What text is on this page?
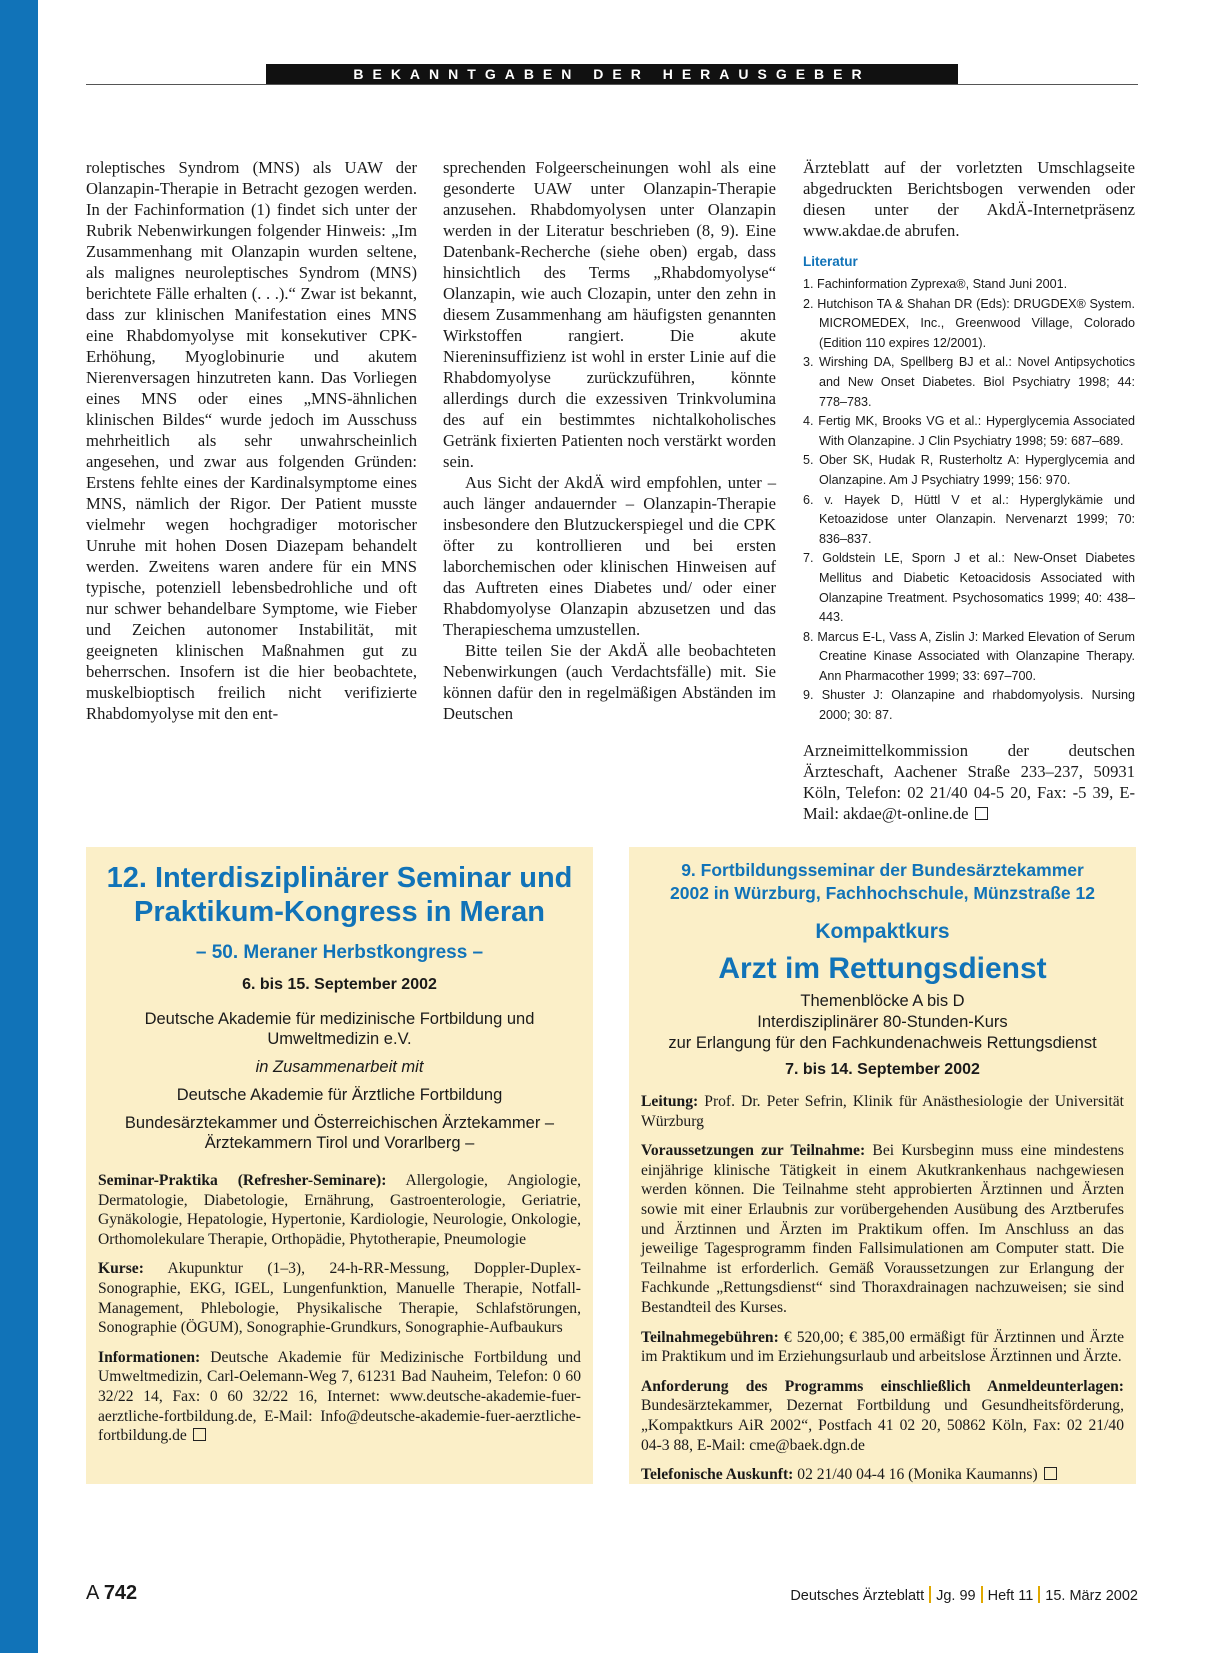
BEKANNTGABEN DER HERAUSGEBER

roleptisches Syndrom (MNS) als UAW der Olanzapin-Therapie in Betracht gezogen werden. In der Fachinformation (1) findet sich unter der Rubrik Nebenwirkungen folgender Hinweis: „Im Zusammenhang mit Olanzapin wurden seltene, als malignes neuroleptisches Syndrom (MNS) berichtete Fälle erhalten (. . .).“ Zwar ist bekannt, dass zur klinischen Manifestation eines MNS eine Rhabdomyolyse mit konsekutiver CPK-Erhöhung, Myoglobinurie und akutem Nierenversagen hinzutreten kann. Das Vorliegen eines MNS oder eines „MNS-ähnlichen klinischen Bildes“ wurde jedoch im Ausschuss mehrheitlich als sehr unwahrscheinlich angesehen, und zwar aus folgenden Gründen: Erstens fehlte eines der Kardinalsymptome eines MNS, nämlich der Rigor. Der Patient musste vielmehr wegen hochgradiger motorischer Unruhe mit hohen Dosen Diazepam behandelt werden. Zweitens waren andere für ein MNS typische, potenziell lebensbedrohliche und oft nur schwer behandelbare Symptome, wie Fieber und Zeichen autonomer Instabilität, mit geeigneten klinischen Maßnahmen gut zu beherrschen. Insofern ist die hier beobachtete, muskelbioptisch freilich nicht verifizierte Rhabdomyolyse mit den ent-

sprechenden Folgeerscheinungen wohl als eine gesonderte UAW unter Olanzapin-Therapie anzusehen. Rhabdomyolysen unter Olanzapin werden in der Literatur beschrieben (8, 9). Eine Datenbank-Recherche (siehe oben) ergab, dass hinsichtlich des Terms „Rhabdomyolyse“ Olanzapin, wie auch Clozapin, unter den zehn in diesem Zusammenhang am häufigsten genannten Wirkstoffen rangiert. Die akute Niereninsuffizienz ist wohl in erster Linie auf die Rhabdomyolyse zurückzuführen, könnte allerdings durch die exzessiven Trinkvolumina des auf ein bestimmtes nichtalkoholisches Getränk fixierten Patienten noch verstärkt worden sein.

Aus Sicht der AkdÄ wird empfohlen, unter – auch länger andauernder – Olanzapin-Therapie insbesondere den Blutzuckerspiegel und die CPK öfter zu kontrollieren und bei ersten laborchemischen oder klinischen Hinweisen auf das Auftreten eines Diabetes und/ oder einer Rhabdomyolyse Olanzapin abzusetzen und das Therapieschema umzustellen.

Bitte teilen Sie der AkdÄ alle beobachteten Nebenwirkungen (auch Verdachtsfälle) mit. Sie können dafür den in regelmäßigen Abständen im Deutschen

Ärzteblatt auf der vorletzten Umschlagseite abgedruckten Berichtsbogen verwenden oder diesen unter der AkdÄ-Internetpräsenz www.akdae.de abrufen.

Literatur
1. Fachinformation Zyprexa®, Stand Juni 2001.
2. Hutchison TA & Shahan DR (Eds): DRUGDEX® System. MICROMEDEX, Inc., Greenwood Village, Colorado (Edition 110 expires 12/2001).
3. Wirshing DA, Spellberg BJ et al.: Novel Antipsychotics and New Onset Diabetes. Biol Psychiatry 1998; 44: 778–783.
4. Fertig MK, Brooks VG et al.: Hyperglycemia Associated With Olanzapine. J Clin Psychiatry 1998; 59: 687–689.
5. Ober SK, Hudak R, Rusterholtz A: Hyperglycemia and Olanzapine. Am J Psychiatry 1999; 156: 970.
6. v. Hayek D, Hüttl V et al.: Hyperglykämie und Ketoazidose unter Olanzapin. Nervenarzt 1999; 70: 836–837.
7. Goldstein LE, Sporn J et al.: New-Onset Diabetes Mellitus and Diabetic Ketoacidosis Associated with Olanzapine Treatment. Psychosomatics 1999; 40: 438–443.
8. Marcus E-L, Vass A, Zislin J: Marked Elevation of Serum Creatine Kinase Associated with Olanzapine Therapy. Ann Pharmacother 1999; 33: 697–700.
9. Shuster J: Olanzapine and rhabdomyolysis. Nursing 2000; 30: 87.

Arzneimittelkommission der deutschen Ärzteschaft, Aachener Straße 233–237, 50931 Köln, Telefon: 02 21/40 04-5 20, Fax: -5 39, E-Mail: akdae@t-online.de

12. Interdisziplinärer Seminar und Praktikum-Kongress in Meran
– 50. Meraner Herbstkongress –
6. bis 15. September 2002
Deutsche Akademie für medizinische Fortbildung und Umweltmedizin e.V.
in Zusammenarbeit mit
Deutsche Akademie für Ärztliche Fortbildung
Bundesärztekammer und Österreichischen Ärztekammer – Ärztekammern Tirol und Vorarlberg –

Seminar-Praktika (Refresher-Seminare): Allergologie, Angiologie, Dermatologie, Diabetologie, Ernährung, Gastroenterologie, Geriatrie, Gynäkologie, Hepatologie, Hypertonie, Kardiologie, Neurologie, Onkologie, Orthomolekulare Therapie, Orthopädie, Phytotherapie, Pneumologie

Kurse: Akupunktur (1–3), 24-h-RR-Messung, Doppler-Duplex-Sonographie, EKG, IGEL, Lungenfunktion, Manuelle Therapie, Notfall-Management, Phlebologie, Physikalische Therapie, Schlafstörungen, Sonographie (ÖGUM), Sonographie-Grundkurs, Sonographie-Aufbaukurs

Informationen: Deutsche Akademie für Medizinische Fortbildung und Umweltmedizin, Carl-Oelemann-Weg 7, 61231 Bad Nauheim, Telefon: 0 60 32/22 14, Fax: 0 60 32/22 16, Internet: www.deutsche-akademie-fuer-aerztliche-fortbildung.de, E-Mail: Info@deutsche-akademie-fuer-aerztliche-fortbildung.de

9. Fortbildungsseminar der Bundesärztekammer 2002 in Würzburg, Fachhochschule, Münzstraße 12
Kompaktkurs
Arzt im Rettungsdienst
Themenblöcke A bis D
Interdisziplinärer 80-Stunden-Kurs
zur Erlangung für den Fachkundenachweis Rettungsdienst
7. bis 14. September 2002

Leitung: Prof. Dr. Peter Sefrin, Klinik für Anästhesiologie der Universität Würzburg

Voraussetzungen zur Teilnahme: Bei Kursbeginn muss eine mindestens einjährige klinische Tätigkeit in einem Akutkrankenhaus nachgewiesen werden können. Die Teilnahme steht approbierten Ärztinnen und Ärzten sowie mit einer Erlaubnis zur vorübergehenden Ausübung des Arztberufes und Ärztinnen und Ärzten im Praktikum offen. Im Anschluss an das jeweilige Tagesprogramm finden Fallsimulationen am Computer statt. Die Teilnahme ist erforderlich. Gemäß Voraussetzungen zur Erlangung der Fachkunde „Rettungsdienst“ sind Thoraxdrainagen nachzuweisen; sie sind Bestandteil des Kurses.

Teilnahmegebühren: € 520,00; € 385,00 ermäßigt für Ärztinnen und Ärzte im Praktikum und im Erziehungsurlaub und arbeitslose Ärztinnen und Ärzte.

Anforderung des Programms einschließlich Anmeldeunterlagen: Bundesärztekammer, Dezernat Fortbildung und Gesundheitsförderung, „Kompaktkurs AiR 2002“, Postfach 41 02 20, 50862 Köln, Fax: 02 21/40 04-3 88, E-Mail: cme@baek.dgn.de

Telefonische Auskunft: 02 21/40 04-4 16 (Monika Kaumanns)

A 742	Deutsches Ärzteblatt Jg. 99 Heft 11 15. März 2002
